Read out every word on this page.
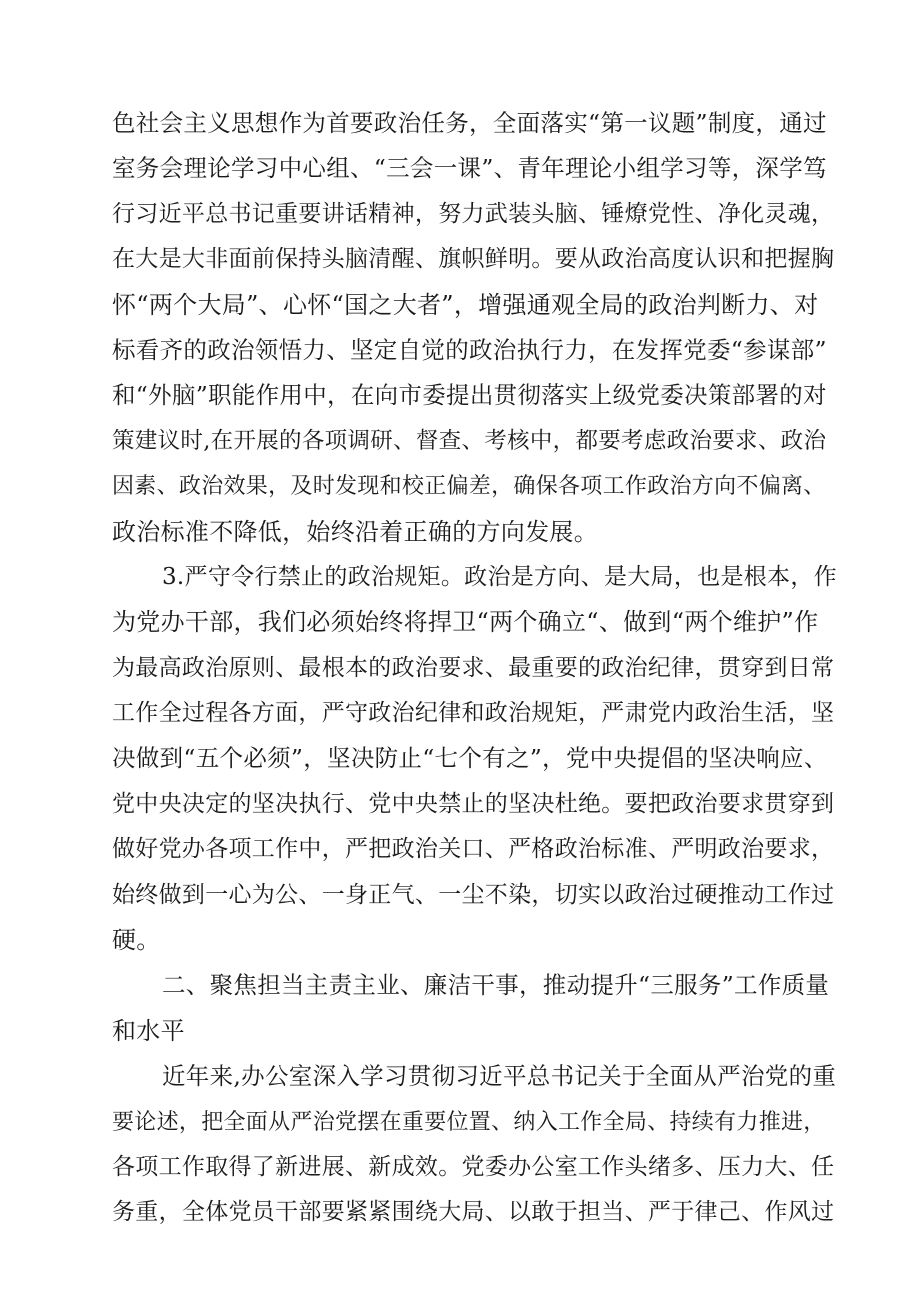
色社会主义思想作为首要政治任务，全面落实“第一议题”制度，通过
室务会理论学习中心组、“三会一课”、青年理论小组学习等，深学笃
行习近平总书记重要讲话精神，努力武装头脑、锤燎党性、净化灵魂，
在大是大非面前保持头脑清醒、旗帜鲜明。要从政治高度认识和把握胸
怀“两个大局”、心怀“国之大者”，增强通观全局的政治判断力、对
标看齐的政治领悟力、坚定自觉的政治执行力，在发挥党委“参谋部”
和“外脑”职能作用中，在向市委提出贯彻落实上级党委决策部署的对
策建议时,在开展的各项调研、督查、考核中，都要考虑政治要求、政治
因素、政治效果，及时发现和校正偏差，确保各项工作政治方向不偏离、
政治标准不降低，始终沿着正确的方向发展。
3.严守令行禁止的政治规矩。政治是方向、是大局，也是根本，作
为党办干部，我们必须始终将捍卫“两个确立“、做到“两个维护”作
为最高政治原则、最根本的政治要求、最重要的政治纪律，贯穿到日常
工作全过程各方面，严守政治纪律和政治规矩，严肃党内政治生活，坚
决做到“五个必须”，坚决防止“七个有之”，党中央提倡的坚决响应、
党中央决定的坚决执行、党中央禁止的坚决杜绝。要把政治要求贯穿到
做好党办各项工作中，严把政治关口、严格政治标准、严明政治要求，
始终做到一心为公、一身正气、一尘不染，切实以政治过硬推动工作过
硬。
二、聚焦担当主责主业、廉洁干事，推动提升“三服务”工作质量
和水平
近年来,办公室深入学习贯彻习近平总书记关于全面从严治党的重
要论述，把全面从严治党摆在重要位置、纳入工作全局、持续有力推进，
各项工作取得了新进展、新成效。党委办公室工作头绪多、压力大、任
务重，全体党员干部要紧紧围绕大局、以敢于担当、严于律己、作风过
